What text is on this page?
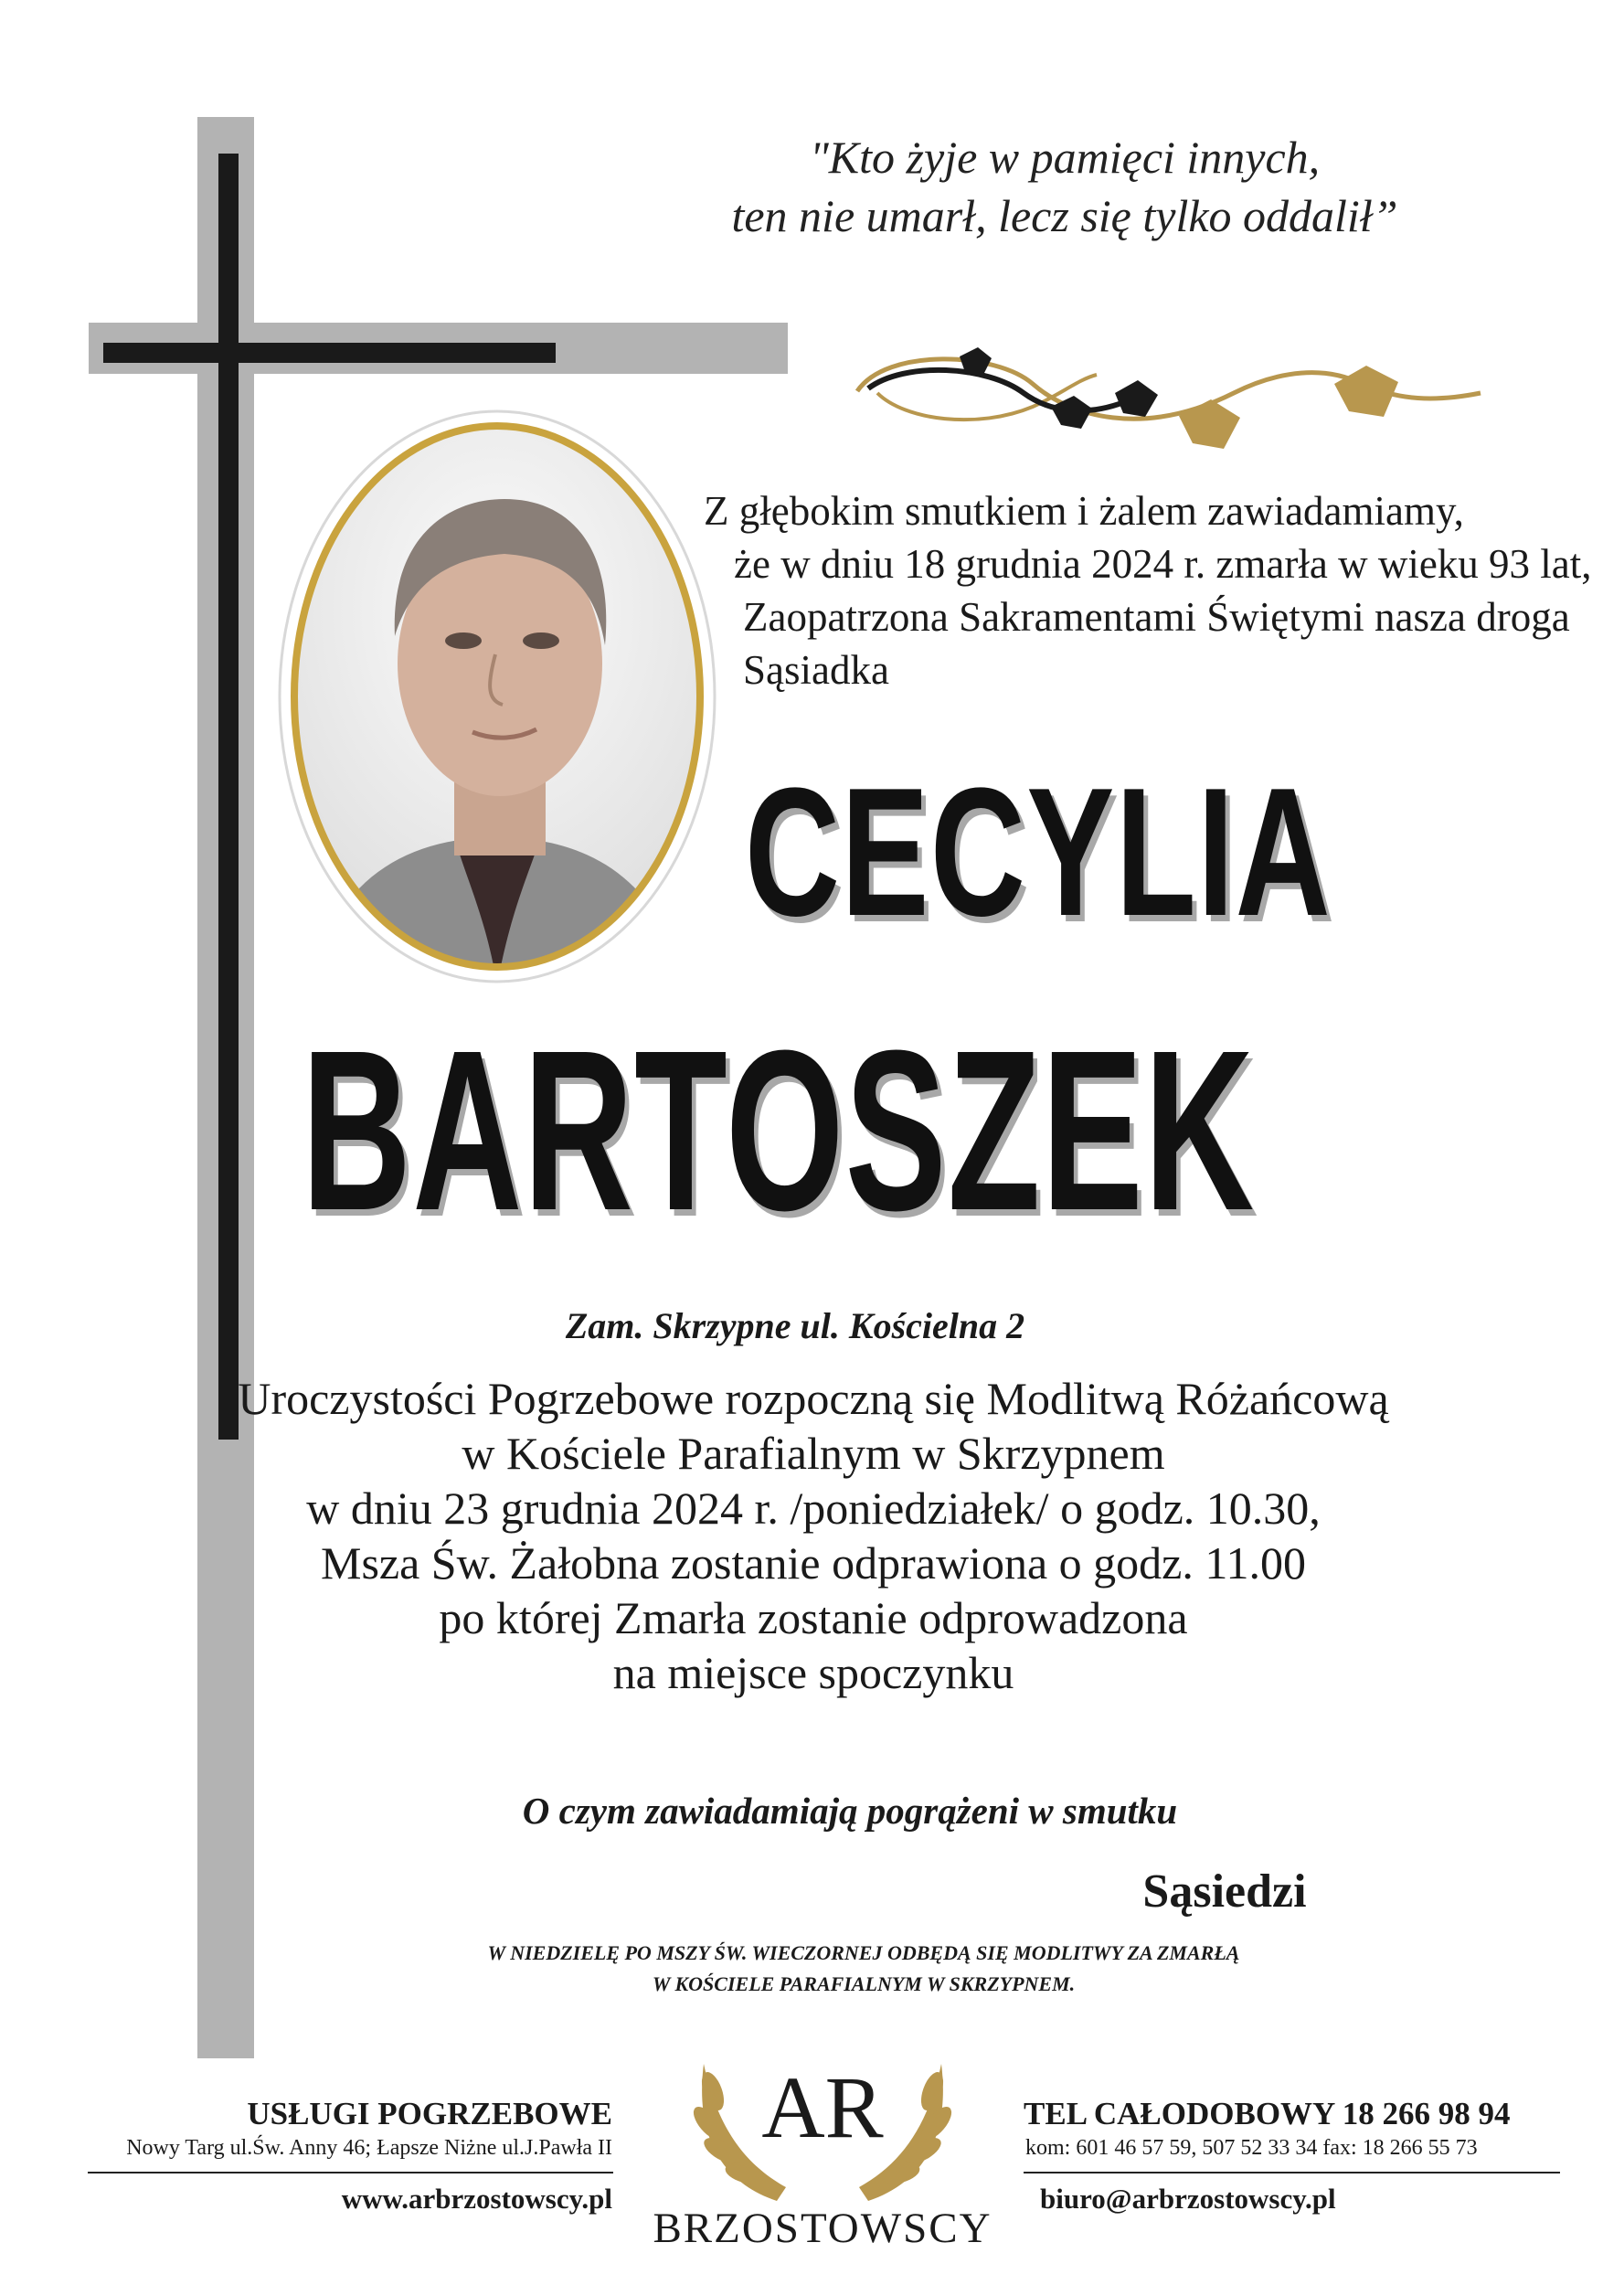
"Kto żyje w pamięci innych,
ten nie umarł, lecz się tylko oddalił”
Z głębokim smutkiem i żalem zawiadamiamy,
że w dniu 18 grudnia 2024 r. zmarła w wieku 93 lat,
Zaopatrzona Sakramentami Świętymi nasza droga
Sąsiadka
CECYLIA
BARTOSZEK
Zam. Skrzypne ul. Kościelna 2
Uroczystości Pogrzebowe rozpoczną się Modlitwą Różańcową
w Kościele Parafialnym w Skrzypnem
w dniu 23 grudnia 2024 r. /poniedziałek/ o godz. 10.30,
Msza Św. Żałobna zostanie odprawiona o godz. 11.00
po której Zmarła zostanie odprowadzona
na miejsce spoczynku
O czym zawiadamiają pogrążeni w smutku
Sąsiedzi
W NIEDZIELĘ PO MSZY ŚW. WIECZORNEJ ODBĘDĄ SIĘ MODLITWY ZA ZMARŁĄ
W KOŚCIELE PARAFIALNYM W SKRZYPNEM.
USŁUGI POGRZEBOWE
Nowy Targ ul.Św. Anny 46; Łapsze Niżne ul.J.Pawła II
www.arbrzostowscy.pl
AR
BRZOSTOWSCY
TEL CAŁODOBOWY 18 266 98 94
kom: 601 46 57 59, 507 52 33 34 fax: 18 266 55 73
biuro@arbrzostowscy.pl
